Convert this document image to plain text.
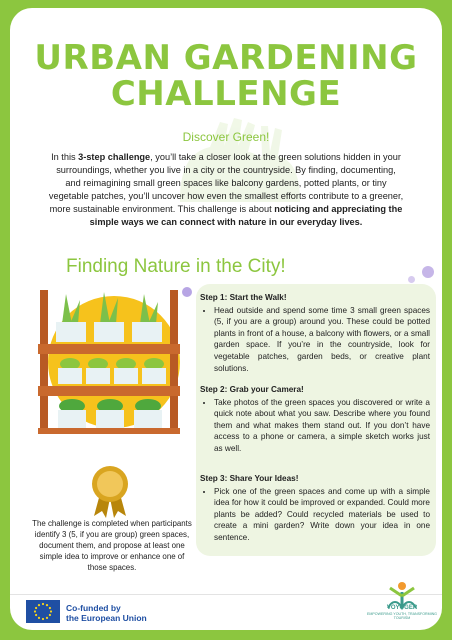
URBAN GARDENING
CHALLENGE
Discover Green!

In this 3-step challenge, you’ll take a closer look at the green solutions hidden in your surroundings, whether you live in a city or the countryside. By finding, documenting, and reimagining small green spaces like balcony gardens, potted plants, or tiny vegetable patches, you’ll uncover how even the smallest efforts contribute to a greener, more sustainable environment. This challenge is about noticing and appreciating the simple ways we can connect with nature in our everyday lives.

Finding Nature in the City!
Step 1: Start the Walk!
• Head outside and spend some time 3 small green spaces (5, if you are a group) around you. These could be potted plants in front of a house, a balcony with flowers, or a small garden space. If you’re in the countryside, look for vegetable patches, garden beds, or creative plant solutions.
Step 2: Grab your Camera!
• Take photos of the green spaces you discovered or write a quick note about what you saw. Describe where you found them and what makes them stand out. If you don’t have access to a phone or camera, a simple sketch works just as well.
Step 3: Share Your Ideas!
• Pick one of the green spaces and come up with a simple idea for how it could be improved or expanded. Could more plants be added? Could recycled materials be used to create a mini garden? Write down your idea in one sentence.

The challenge is completed when participants identify 3 (5, if you are group) green spaces, document them, and propose at least one simple idea to improve or enhance one of those spaces.

Co-funded by
the European Union
VOYOGER
EMPOWERING YOUTH, TRANSFORMING TOURISM
